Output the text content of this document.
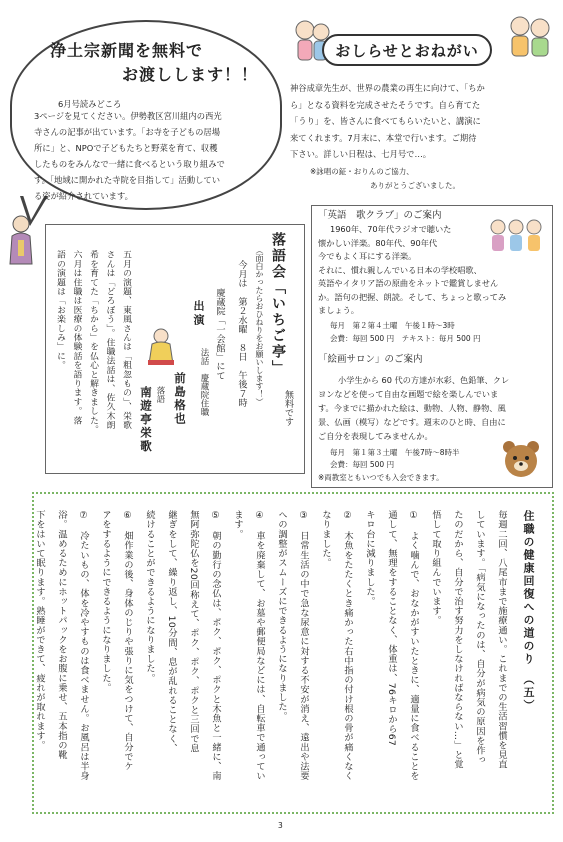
浄土宗新聞を無料で
お渡しします！！
6月号読みどころ
3ページを見てください。伊勢教区宮川組内の西光
寺さんの記事が出ています。「お寺を子どもの居場
所に」と、NPOで子どもたちと野菜を育て、収穫
したものをみんなで一緒に食べるという取り組みで
す。「地域に開かれた寺院を目指して」活動してい
る姿が紹介されています。
おしらせとおねがい
神谷成章先生が、世界の農業の再生に向けて、「ちか
ら」となる資料を完成させたそうです。自ら育てた
「うり」を、皆さんに食べてもらいたいと、講演に
来てくれます。7月末に、本堂で行います。ご期待
下さい。詳しい日程は、七月号で…。
※詠唱の鉦・おりんのご協力、
ありがとうございました。
「英語　歌クラブ」のご案内
1960年、70年代ラジオで聴いた
懐かしい洋楽。80年代、90年代
今でもよく耳にする洋楽。
それに、慣れ親しんでいる日本の学校唱歌、
英語やイタリア語の原曲をネットで鑑賞しません
か。語句の把握、朗読。そして、ちょっと歌ってみ
ましょう。
毎月　第２第４土曜　午後１時～3時
会費：毎回 500 円　テキスト：毎月 500 円
「絵画サロン」のご案内
小学生から 60 代の方達が水彩、色鉛筆、クレ
ヨンなどを使って自由な画題で絵を楽しんでいま
す。今までに描かれた絵は、動物、人物、静物、風
景、仏画（模写）などです。週末のひと時、自由に
ご自分を表現してみませんか。
毎月　第１第３土曜　午後7時～8時半
会費：毎回 500 円
※両教室ともいつでも入会できます。
落語会「いちご亭」
無料です
（面白かったらおひねりをお願いします！）
今月は　第２水曜　８日　午後７時
慶蔵院「一会館」にて
出演
法話　慶蔵院住職
前島格也
落語
南遊亭栄歌
五月の演題、東風さんは「粗忽もの」、栄歌
さんは「どろぼう」。住職法話は、佐久木朗
希を育てた「ちから」を仏心と解きました。
六月は住職は医療の体験話を語ります。落
語の演題は「お楽しみ」に。
住職の健康回復への道のり　（五）
毎週二回、八尾市まで施療通い。これまでの生活習慣を見直
しています。「病気になったのは、自分が病気の原因を作っ
たのだから、自分で治す努力をしなければならない…」と覚
悟して取り組んでいます。
①　よく噛んで、おなかがすいたときに、適量に食べることを
通して、無理をすることなく、体重は、76キロから67
キロ台に減りました。
②　木魚をたたくとき痛かった右中指の付け根の骨が痛くなく
なりました。
③　日常生活の中で急な尿意に対する不安が消え、遠出や法要
への調整がスムーズにできるようになりました。
④　車を廃棄して、お墓や郵便局などには、自転車で通ってい
ます。
⑤　朝の勤行の念仏は、ポク、ポク、ポクと木魚と一緒に、南
無阿弥陀仏を20回称えて、ポク、ポク、ポクと三回で息
継ぎをして、繰り返し、10分間、息が乱れることなく、
続けることができるようになりました。
⑥　畑作業の後、身体のじりや張りに気をつけて、自分でケ
アをするようにできるようになりました。
⑦　冷たいもの、体を冷やすものは食べません。お風呂は半身
浴。温めるためにホットパックをお腹に乗せ、五本指の靴
下をはいて眠ります。熟睡ができて、疲れが取れます。
3
